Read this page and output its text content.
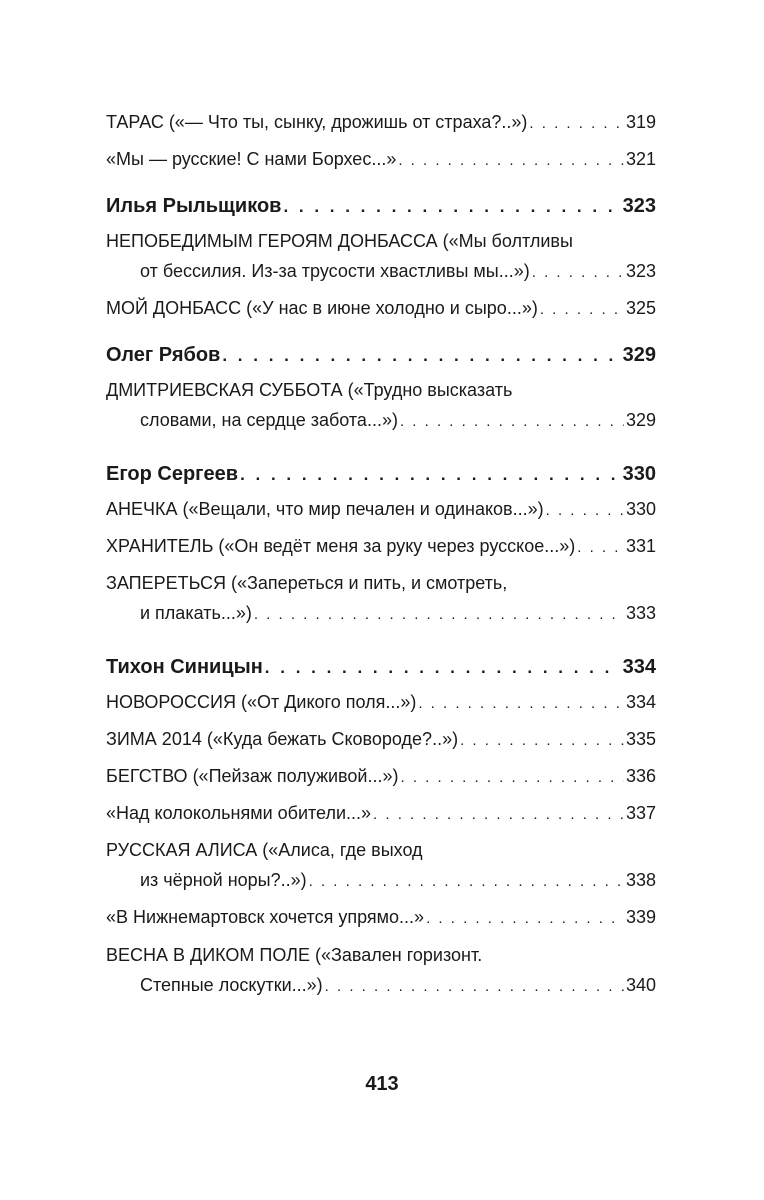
ТАРАС («— Что ты, сынку, дрожишь от страха?..») . . .	319
«Мы — русские! С нами Борхес...» . . .	321
Илья Рыльщиков . . .	323
НЕПОБЕДИМЫМ ГЕРОЯМ ДОНБАССА («Мы болтливы
от бессилия. Из-за трусости хвастливы мы...») . . .	323
МОЙ ДОНБАСС («У нас в июне холодно и сыро...») . . .	325
Олег Рябов . . .	329
ДМИТРИЕВСКАЯ СУББОТА («Трудно высказать
словами, на сердце забота...») . . .	329
Егор Сергеев . . .	330
АНЕЧКА («Вещали, что мир печален и одинаков...») . . .	330
ХРАНИТЕЛЬ («Он ведёт меня за руку через русское...») . . .	331
ЗАПЕРЕТЬСЯ («Запереться и пить, и смотреть,
и плакать...») . . .	333
Тихон Синицын . . .	334
НОВОРОССИЯ («От Дикого поля...») . . .	334
ЗИМА 2014 («Куда бежать Сковороде?..») . . .	335
БЕГСТВО («Пейзаж полуживой...») . . .	336
«Над колокольнями обители...» . . .	337
РУССКАЯ АЛИСА («Алиса, где выход
из чёрной норы?..») . . .	338
«В Нижнемартовск хочется упрямо...» . . .	339
ВЕСНА В ДИКОМ ПОЛЕ («Завален горизонт.
Степные лоскутки...») . . .	340
413
